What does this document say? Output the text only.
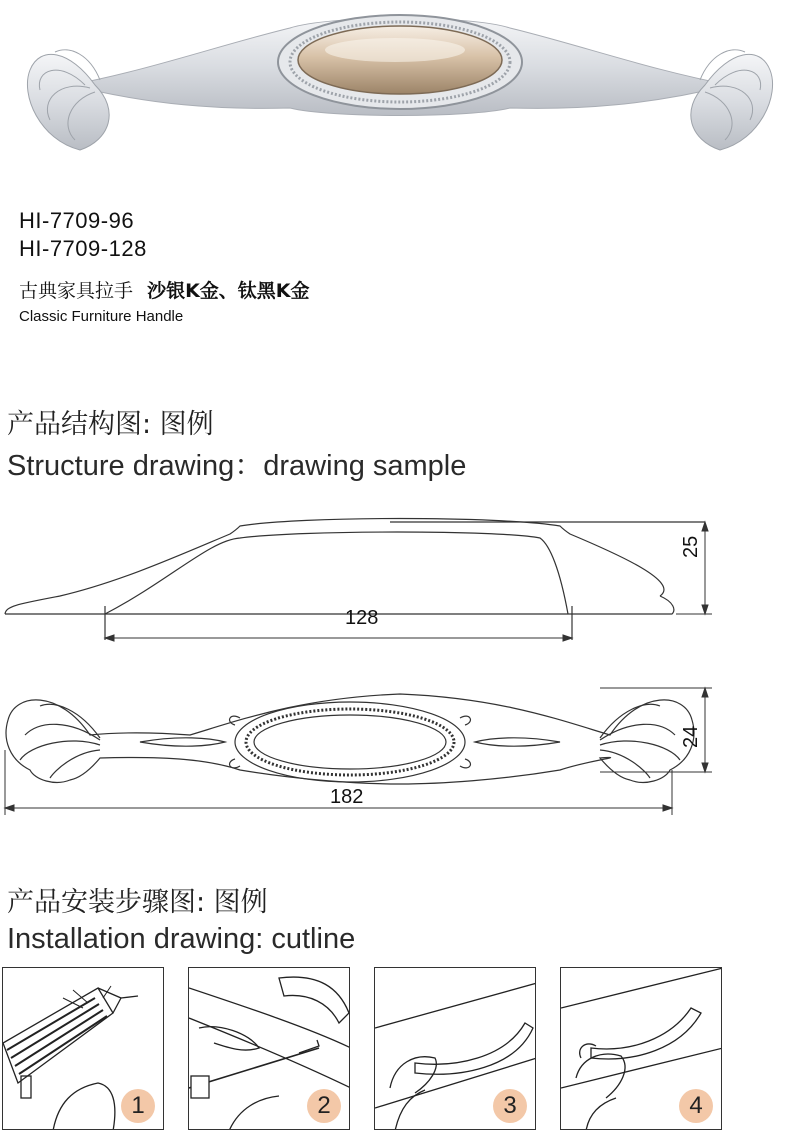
HI-7709-96
HI-7709-128
古典家具拉手 沙银K金、钛黑K金
Classic Furniture Handle
产品结构图: 图例
Structure drawing：drawing sample
128
25
24
182
产品安装步骤图: 图例
Installation drawing: cutline
1	2	3	4
